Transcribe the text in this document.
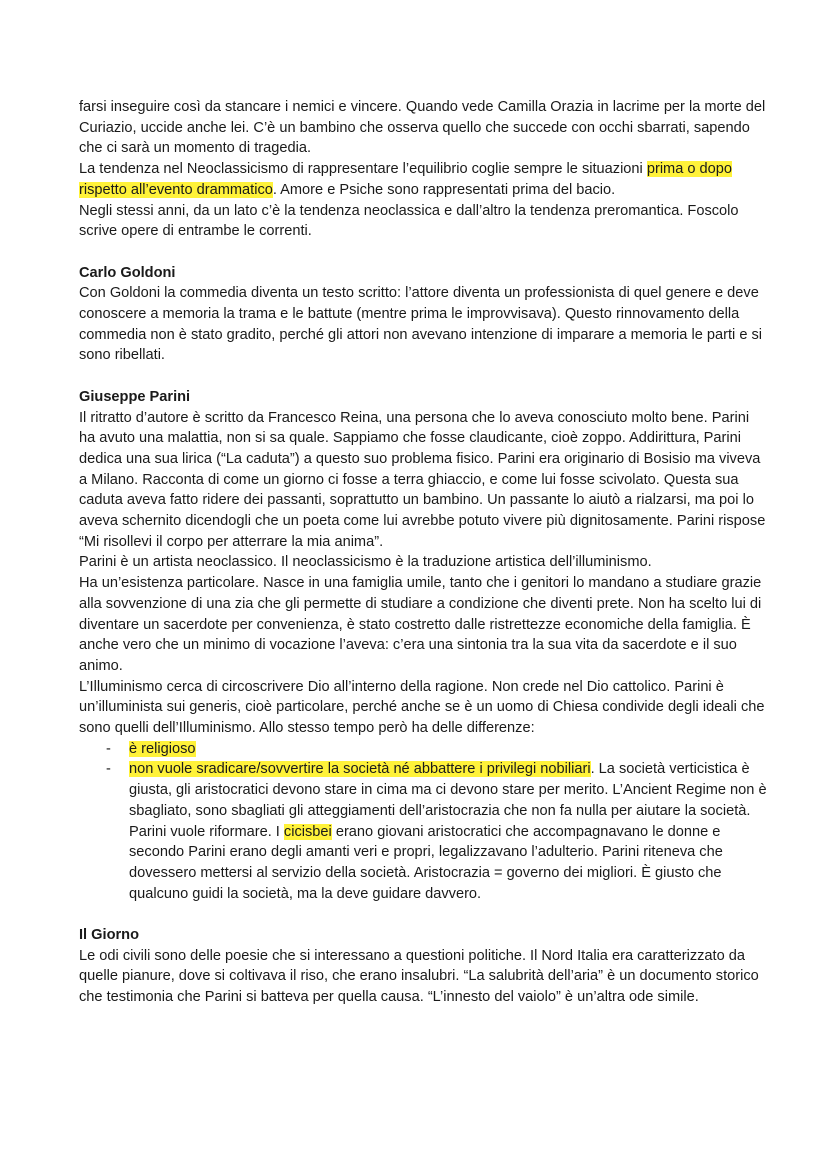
farsi inseguire così da stancare i nemici e vincere. Quando vede Camilla Orazia in lacrime per la morte del Curiazio, uccide anche lei. C’è un bambino che osserva quello che succede con occhi sbarrati, sapendo che ci sarà un momento di tragedia.

La tendenza nel Neoclassicismo di rappresentare l’equilibrio coglie sempre le situazioni prima o dopo rispetto all’evento drammatico. Amore e Psiche sono rappresentati prima del bacio.

Negli stessi anni, da un lato c’è la tendenza neoclassica e dall’altro la tendenza preromantica. Foscolo scrive opere di entrambe le correnti.

Carlo Goldoni

Con Goldoni la commedia diventa un testo scritto: l’attore diventa un professionista di quel genere e deve conoscere a memoria la trama e le battute (mentre prima le improvvisava). Questo rinnovamento della commedia non è stato gradito, perché gli attori non avevano intenzione di imparare a memoria le parti e si sono ribellati.

Giuseppe Parini

Il ritratto d’autore è scritto da Francesco Reina, una persona che lo aveva conosciuto molto bene. Parini ha avuto una malattia, non si sa quale. Sappiamo che fosse claudicante, cioè zoppo. Addirittura, Parini dedica una sua lirica (“La caduta”) a questo suo problema fisico. Parini era originario di Bosisio ma viveva a Milano. Racconta di come un giorno ci fosse a terra ghiaccio, e come lui fosse scivolato. Questa sua caduta aveva fatto ridere dei passanti, soprattutto un bambino. Un passante lo aiutò a rialzarsi, ma poi lo aveva schernito dicendogli che un poeta come lui avrebbe potuto vivere più dignitosamente. Parini rispose “Mi risollevi il corpo per atterrare la mia anima”.

Parini è un artista neoclassico. Il neoclassicismo è la traduzione artistica dell’illuminismo.

Ha un’esistenza particolare. Nasce in una famiglia umile, tanto che i genitori lo mandano a studiare grazie alla sovvenzione di una zia che gli permette di studiare a condizione che diventi prete. Non ha scelto lui di diventare un sacerdote per convenienza, è stato costretto dalle ristrettezze economiche della famiglia. È anche vero che un minimo di vocazione l’aveva: c’era una sintonia tra la sua vita da sacerdote e il suo animo.

L’Illuminismo cerca di circoscrivere Dio all’interno della ragione. Non crede nel Dio cattolico. Parini è un’illuminista sui generis, cioè particolare, perché anche se è un uomo di Chiesa condivide degli ideali che sono quelli dell’Illuminismo. Allo stesso tempo però ha delle differenze:

- è religioso
- non vuole sradicare/sovvertire la società né abbattere i privilegi nobiliari. La società verticistica è giusta, gli aristocratici devono stare in cima ma ci devono stare per merito. L’Ancient Regime non è sbagliato, sono sbagliati gli atteggiamenti dell’aristocrazia che non fa nulla per aiutare la società. Parini vuole riformare. I cicisbei erano giovani aristocratici che accompagnavano le donne e secondo Parini erano degli amanti veri e propri, legalizzavano l’adulterio. Parini riteneva che dovessero mettersi al servizio della società. Aristocrazia = governo dei migliori. È giusto che qualcuno guidi la società, ma la deve guidare davvero.

Il Giorno

Le odi civili sono delle poesie che si interessano a questioni politiche. Il Nord Italia era caratterizzato da quelle pianure, dove si coltivava il riso, che erano insalubri. “La salubrità dell’aria” è un documento storico che testimonia che Parini si batteva per quella causa. “L’innesto del vaiolo” è un’altra ode simile.
